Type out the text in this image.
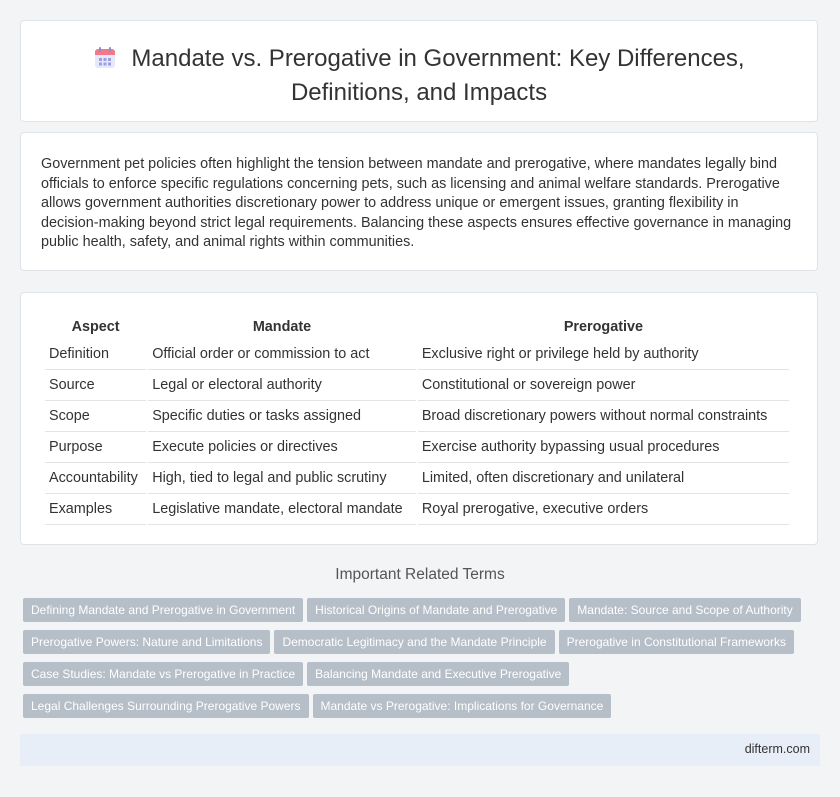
Mandate vs. Prerogative in Government: Key Differences,
Definitions, and Impacts
Government pet policies often highlight the tension between mandate and prerogative, where mandates legally bind officials to enforce specific regulations concerning pets, such as licensing and animal welfare standards. Prerogative allows government authorities discretionary power to address unique or emergent issues, granting flexibility in decision-making beyond strict legal requirements. Balancing these aspects ensures effective governance in managing public health, safety, and animal rights within communities.
Aspect	Mandate	Prerogative
Definition	Official order or commission to act	Exclusive right or privilege held by authority
Source	Legal or electoral authority	Constitutional or sovereign power
Scope	Specific duties or tasks assigned	Broad discretionary powers without normal constraints
Purpose	Execute policies or directives	Exercise authority bypassing usual procedures
Accountability	High, tied to legal and public scrutiny	Limited, often discretionary and unilateral
Examples	Legislative mandate, electoral mandate	Royal prerogative, executive orders
Important Related Terms
Defining Mandate and Prerogative in Government Historical Origins of Mandate and Prerogative Mandate: Source and Scope of Authority
Prerogative Powers: Nature and Limitations Democratic Legitimacy and the Mandate Principle Prerogative in Constitutional Frameworks
Case Studies: Mandate vs Prerogative in Practice Balancing Mandate and Executive Prerogative
Legal Challenges Surrounding Prerogative Powers Mandate vs Prerogative: Implications for Governance
difterm.com
